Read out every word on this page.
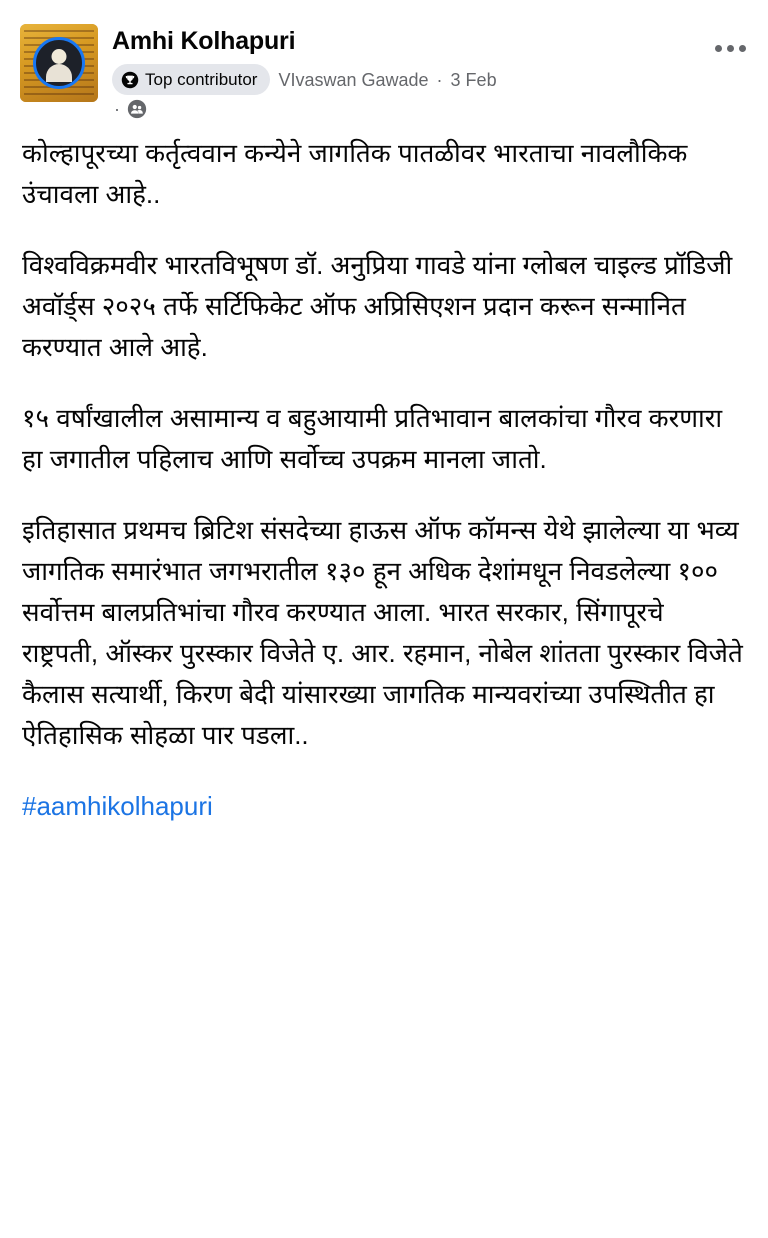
Amhi Kolhapuri
Top contributor VIvaswan Gawade · 3 Feb
·

कोल्हापूरच्या कर्तृत्ववान कन्येने जागतिक पातळीवर भारताचा नावलौकिक उंचावला आहे..

विश्वविक्रमवीर भारतविभूषण डॉ. अनुप्रिया गावडे यांना ग्लोबल चाइल्ड प्रॉडिजी अवॉर्ड्स २०२५ तर्फे सर्टिफिकेट ऑफ अप्रिसिएशन प्रदान करून सन्मानित करण्यात आले आहे.

१५ वर्षांखालील असामान्य व बहुआयामी प्रतिभावान बालकांचा गौरव करणारा हा जगातील पहिलाच आणि सर्वोच्च उपक्रम मानला जातो.

इतिहासात प्रथमच ब्रिटिश संसदेच्या हाऊस ऑफ कॉमन्स येथे झालेल्या या भव्य जागतिक समारंभात जगभरातील १३० हून अधिक देशांमधून निवडलेल्या १०० सर्वोत्तम बालप्रतिभांचा गौरव करण्यात आला. भारत सरकार, सिंगापूरचे राष्ट्रपती, ऑस्कर पुरस्कार विजेते ए. आर. रहमान, नोबेल शांतता पुरस्कार विजेते कैलास सत्यार्थी, किरण बेदी यांसारख्या जागतिक मान्यवरांच्या उपस्थितीत हा ऐतिहासिक सोहळा पार पडला..

#aamhikolhapuri
